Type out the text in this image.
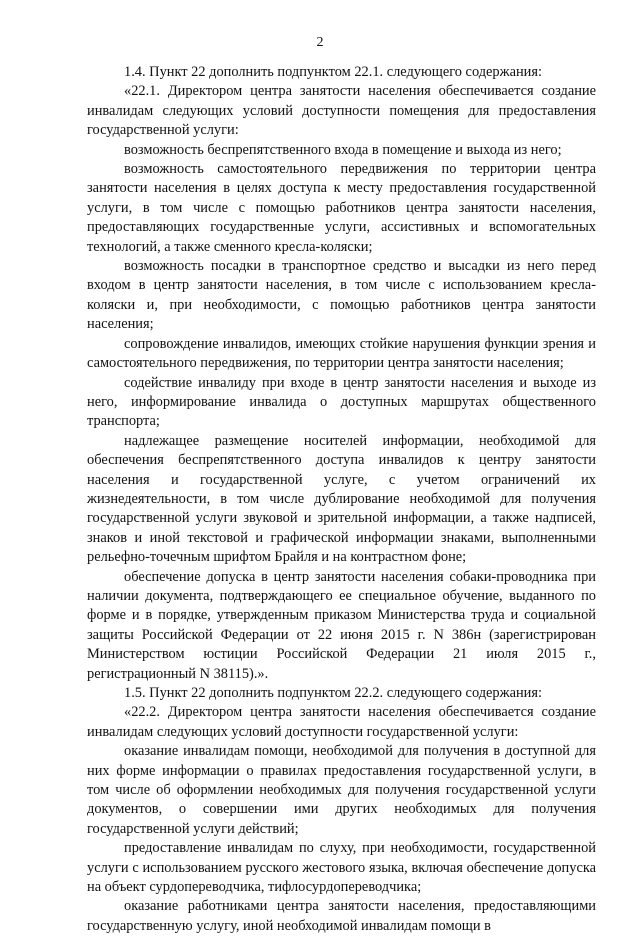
2

1.4. Пункт 22 дополнить подпунктом 22.1. следующего содержания:

«22.1. Директором центра занятости населения обеспечивается создание инвалидам следующих условий доступности помещения для предоставления государственной услуги:

возможность беспрепятственного входа в помещение и выхода из него;

возможность самостоятельного передвижения по территории центра занятости населения в целях доступа к месту предоставления государственной услуги, в том числе с помощью работников центра занятости населения, предоставляющих государственные услуги, ассистивных и вспомогательных технологий, а также сменного кресла-коляски;

возможность посадки в транспортное средство и высадки из него перед входом в центр занятости населения, в том числе с использованием кресла-коляски и, при необходимости, с помощью работников центра занятости населения;

сопровождение инвалидов, имеющих стойкие нарушения функции зрения и самостоятельного передвижения, по территории центра занятости населения;

содействие инвалиду при входе в центр занятости населения и выходе из него, информирование инвалида о доступных маршрутах общественного транспорта;

надлежащее размещение носителей информации, необходимой для обеспечения беспрепятственного доступа инвалидов к центру занятости населения и государственной услуге, с учетом ограничений их жизнедеятельности, в том числе дублирование необходимой для получения государственной услуги звуковой и зрительной информации, а также надписей, знаков и иной текстовой и графической информации знаками, выполненными рельефно-точечным шрифтом Брайля и на контрастном фоне;

обеспечение допуска в центр занятости населения собаки-проводника при наличии документа, подтверждающего ее специальное обучение, выданного по форме и в порядке, утвержденным приказом Министерства труда и социальной защиты Российской Федерации от 22 июня 2015 г. N 386н (зарегистрирован Министерством юстиции Российской Федерации 21 июля 2015 г., регистрационный N 38115).».

1.5. Пункт 22 дополнить подпунктом 22.2. следующего содержания:

«22.2. Директором центра занятости населения обеспечивается создание инвалидам следующих условий доступности государственной услуги:

оказание инвалидам помощи, необходимой для получения в доступной для них форме информации о правилах предоставления государственной услуги, в том числе об оформлении необходимых для получения государственной услуги документов, о совершении ими других необходимых для получения государственной услуги действий;

предоставление инвалидам по слуху, при необходимости, государственной услуги с использованием русского жестового языка, включая обеспечение допуска на объект сурдопереводчика, тифлосурдопереводчика;

оказание работниками центра занятости населения, предоставляющими государственную услугу, иной необходимой инвалидам помощи в
